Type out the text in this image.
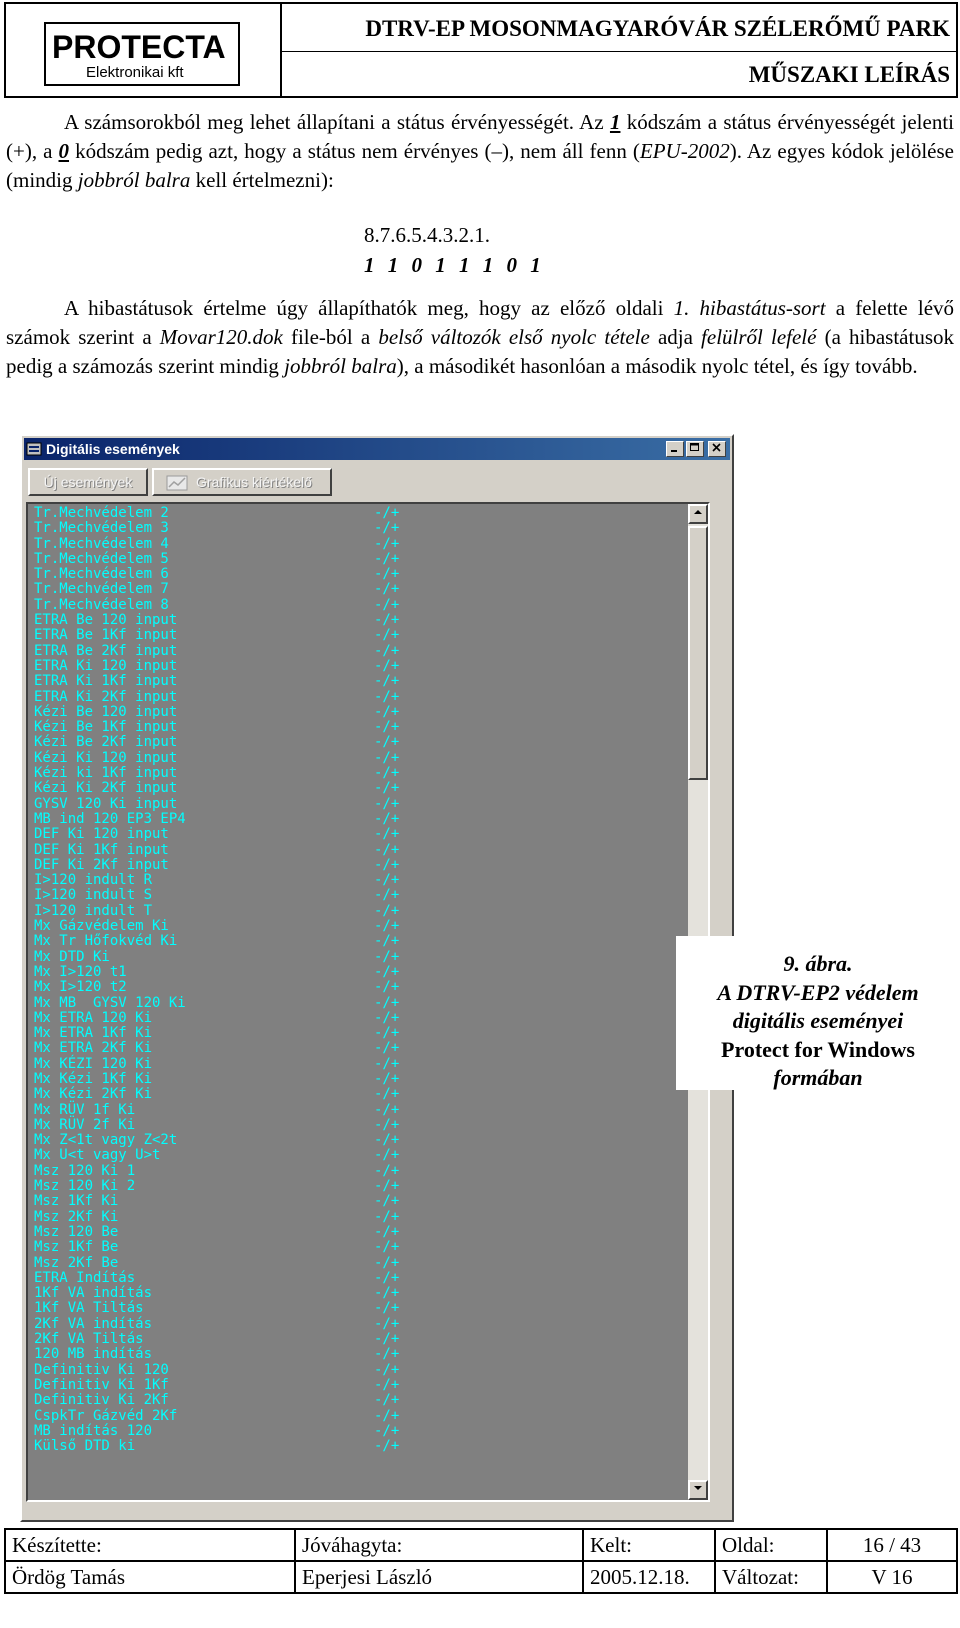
PROTECTA
Elektronikai kft
DTRV-EP MOSONMAGYARÓVÁR SZÉLERŐMŰ PARK
MŰSZAKI LEÍRÁS
A számsorokból meg lehet állapítani a státus érvényességét. Az 1 kódszám a státus érvényességét jelenti (+), a 0 kódszám pedig azt, hogy a státus nem érvényes (–), nem áll fenn (EPU-2002). Az egyes kódok jelölése (mindig jobbról balra kell értelmezni):
8.7.6.5.4.3.2.1.
1 1 0 1 1 1 0 1
A hibastátusok értelme úgy állapíthatók meg, hogy az előző oldali 1. hibastátus-sort a felette lévő számok szerint a Movar120.dok file-ból a belső változók első nyolc tétele adja felülről lefelé (a hibastátusok pedig a számozás szerint mindig jobbról balra), a másodikét hasonlóan a második nyolc tétel, és így tovább.
Digitális események
Új események	Grafikus kiértékelő
Tr.Mechvédelem 2	-/+
Tr.Mechvédelem 3	-/+
Tr.Mechvédelem 4	-/+
Tr.Mechvédelem 5	-/+
Tr.Mechvédelem 6	-/+
Tr.Mechvédelem 7	-/+
Tr.Mechvédelem 8	-/+
ETRA Be 120 input	-/+
ETRA Be 1Kf input	-/+
ETRA Be 2Kf input	-/+
ETRA Ki 120 input	-/+
ETRA Ki 1Kf input	-/+
ETRA Ki 2Kf input	-/+
Kézi Be 120 input	-/+
Kézi Be 1Kf input	-/+
Kézi Be 2Kf input	-/+
Kézi Ki 120 input	-/+
Kézi ki 1Kf input	-/+
Kézi Ki 2Kf input	-/+
GYSV 120 Ki input	-/+
MB ind 120 EP3 EP4	-/+
DEF Ki 120 input	-/+
DEF Ki 1Kf input	-/+
DEF Ki 2Kf input	-/+
I>120 indult R	-/+
I>120 indult S	-/+
I>120 indult T	-/+
Mx Gázvédelem Ki	-/+
Mx Tr Hőfokvéd Ki	-/+
Mx DTD Ki	-/+
Mx I>120 t1	-/+
Mx I>120 t2	-/+
Mx MB  GYSV 120 Ki	-/+
Mx ETRA 120 Ki	-/+
Mx ETRA 1Kf Ki	-/+
Mx ETRA 2Kf Ki	-/+
Mx KÉZI 120 Ki	-/+
Mx Kézi 1Kf Ki	-/+
Mx Kézi 2Kf Ki	-/+
Mx RÜV 1f Ki	-/+
Mx RÜV 2f Ki	-/+
Mx Z<1t vagy Z<2t	-/+
Mx U<t vagy U>t	-/+
Msz 120 Ki 1	-/+
Msz 120 Ki 2	-/+
Msz 1Kf Ki	-/+
Msz 2Kf Ki	-/+
Msz 120 Be	-/+
Msz 1Kf Be	-/+
Msz 2Kf Be	-/+
ETRA Indítás	-/+
1Kf VA indítás	-/+
1Kf VA Tiltás	-/+
2Kf VA indítás	-/+
2Kf VA Tiltás	-/+
120 MB indítás	-/+
Definitiv Ki 120	-/+
Definitiv Ki 1Kf	-/+
Definitiv Ki 2Kf	-/+
CspkTr Gázvéd 2Kf	-/+
MB indítás 120	-/+
Külső DTD ki	-/+
9. ábra.
A DTRV-EP2 védelem
digitális eseményei
Protect for Windows
formában
Készítette:	Jóváhagyta:	Kelt:	Oldal:	16 / 43
Ördög Tamás	Eperjesi László	2005.12.18.	Változat:	V 16
